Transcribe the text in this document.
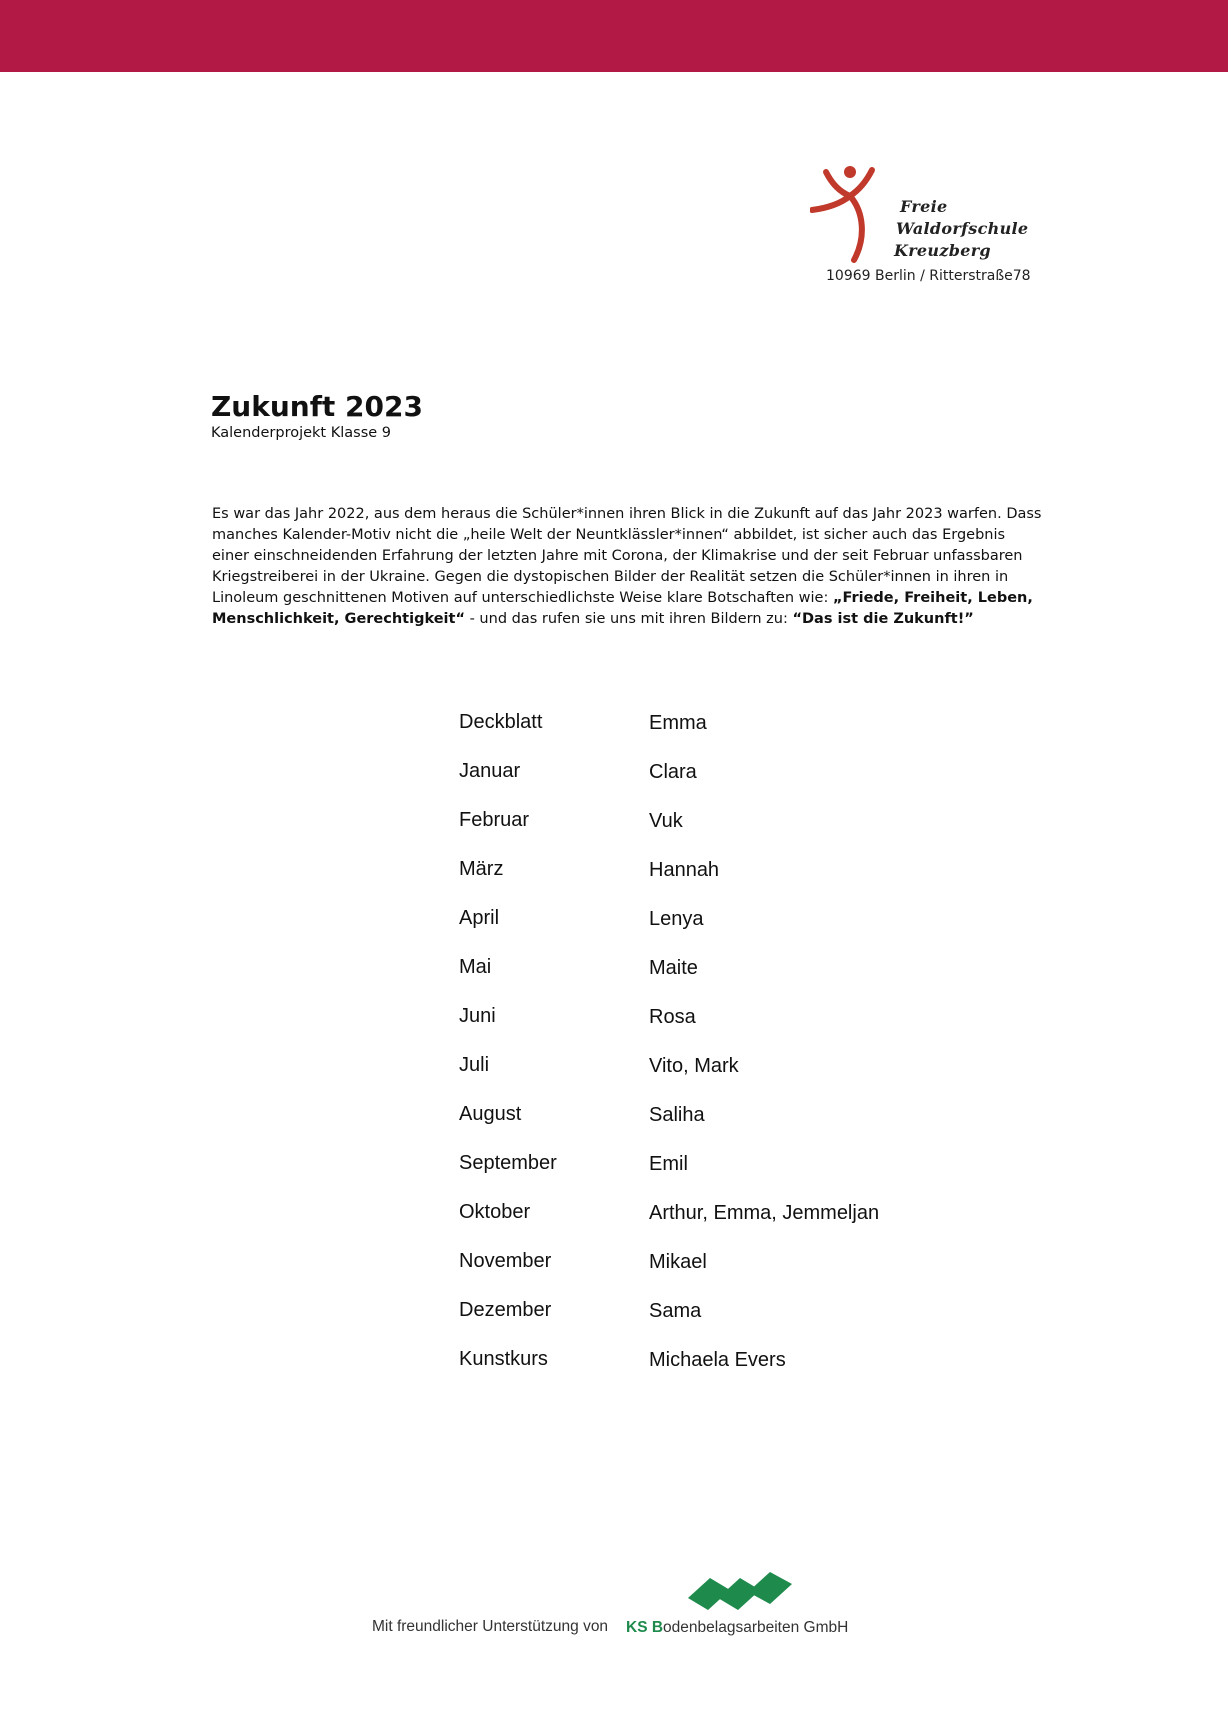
Freie
Waldorfschule
Kreuzberg
10969 Berlin / Ritterstraße78
Zukunft 2023
Kalenderprojekt Klasse 9

Es war das Jahr 2022, aus dem heraus die Schüler*innen ihren Blick in die Zukunft auf das Jahr 2023 warfen. Dass manches Kalender-Motiv nicht die „heile Welt der Neuntklässler*innen“ abbildet, ist sicher auch das Ergebnis einer einschneidenden Erfahrung der letzten Jahre mit Corona, der Klimakrise und der seit Februar unfassbaren Kriegstreiberei in der Ukraine. Gegen die dystopischen Bilder der Realität setzen die Schüler*innen in ihren in Linoleum geschnittenen Motiven auf unterschiedlichste Weise klare Botschaften wie: „Friede, Freiheit, Leben, Menschlichkeit, Gerechtigkeit“ - und das rufen sie uns mit ihren Bildern zu: “Das ist die Zukunft!”

Deckblatt	Emma
Januar	Clara
Februar	Vuk
März	Hannah
April	Lenya
Mai	Maite
Juni	Rosa
Juli	Vito, Mark
August	Saliha
September	Emil
Oktober	Arthur, Emma, Jemmeljan
November	Mikael
Dezember	Sama
Kunstkurs	Michaela Evers
Mit freundlicher Unterstützung von KS Bodenbelagsarbeiten GmbH
